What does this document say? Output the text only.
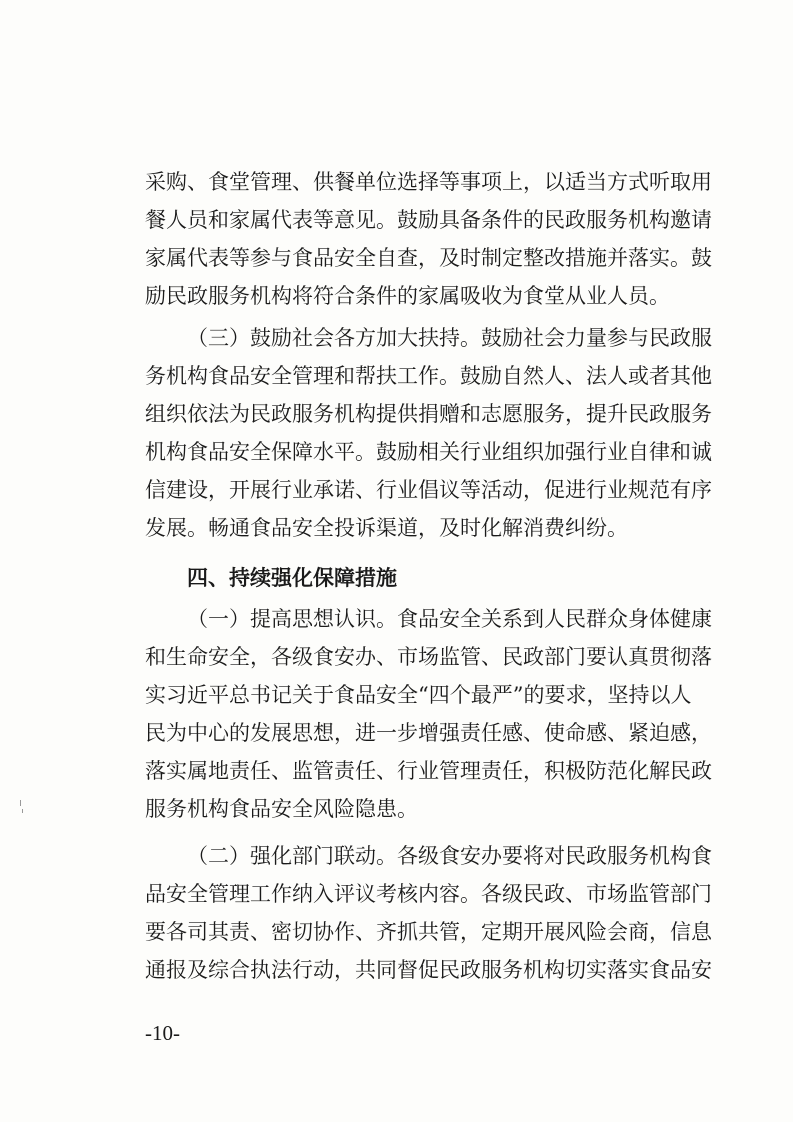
采购、食堂管理、供餐单位选择等事项上，以适当方式听取用
餐人员和家属代表等意见。鼓励具备条件的民政服务机构邀请
家属代表等参与食品安全自查，及时制定整改措施并落实。鼓
励民政服务机构将符合条件的家属吸收为食堂从业人员。
（三）鼓励社会各方加大扶持。鼓励社会力量参与民政服
务机构食品安全管理和帮扶工作。鼓励自然人、法人或者其他
组织依法为民政服务机构提供捐赠和志愿服务，提升民政服务
机构食品安全保障水平。鼓励相关行业组织加强行业自律和诚
信建设，开展行业承诺、行业倡议等活动，促进行业规范有序
发展。畅通食品安全投诉渠道，及时化解消费纠纷。
四、持续强化保障措施
（一）提高思想认识。食品安全关系到人民群众身体健康
和生命安全，各级食安办、市场监管、民政部门要认真贯彻落
实习近平总书记关于食品安全“四个最严”的要求，坚持以人
民为中心的发展思想，进一步增强责任感、使命感、紧迫感，
落实属地责任、监管责任、行业管理责任，积极防范化解民政
服务机构食品安全风险隐患。
（二）强化部门联动。各级食安办要将对民政服务机构食
品安全管理工作纳入评议考核内容。各级民政、市场监管部门
要各司其责、密切协作、齐抓共管，定期开展风险会商，信息
通报及综合执法行动，共同督促民政服务机构切实落实食品安
-10-
